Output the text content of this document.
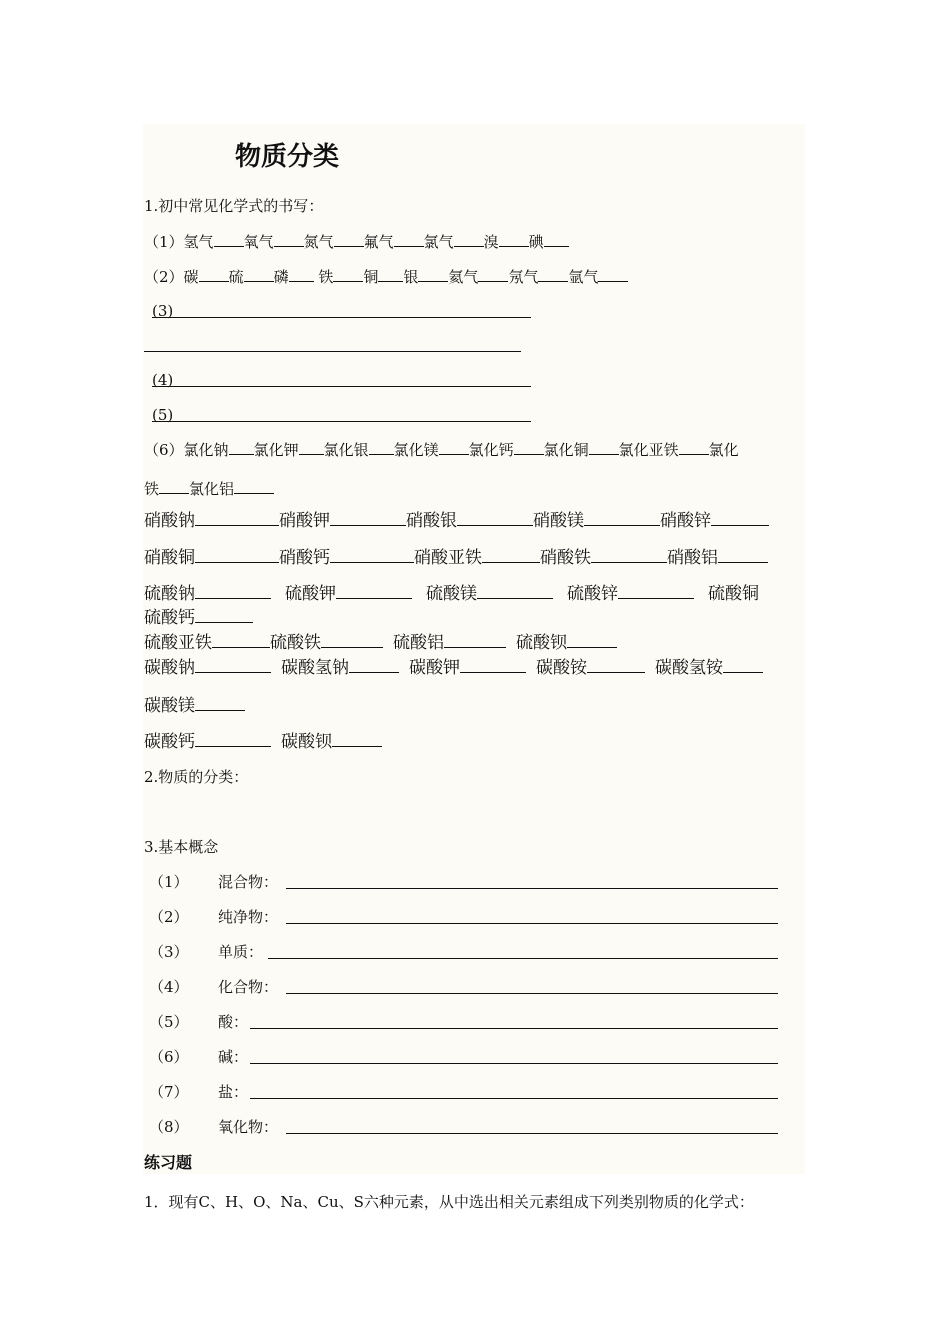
物质分类
1.初中常见化学式的书写：
（1）氢气 氧气 氮气 氟气 氯气 溴 碘
（2）碳 硫 磷 铁 铜 银 氦气 氖气 氩气
(3)
(4)
(5)
（6）氯化钠 氯化钾 氯化银 氯化镁 氯化钙 氯化铜 氯化亚铁 氯化
铁 氯化铝
硝酸钠	硝酸钾	硝酸银	硝酸镁	硝酸锌
硝酸铜	硝酸钙	硝酸亚铁	硝酸铁	硝酸铝
硫酸钠	硫酸钾	硫酸镁	硫酸锌	硫酸铜
硫酸钙
硫酸亚铁	硫酸铁	硫酸铝	硫酸钡
碳酸钠	碳酸氢钠	碳酸钾	碳酸铵	碳酸氢铵
碳酸镁
碳酸钙	碳酸钡
2.物质的分类：
3.基本概念
（1） 混合物：
（2） 纯净物：
（3） 单质：
（4） 化合物：
（5） 酸：
（6） 碱：
（7） 盐：
（8） 氧化物：
练习题
1．现有C、H、O、Na、Cu、S六种元素，从中选出相关元素组成下列类别物质的化学式：
